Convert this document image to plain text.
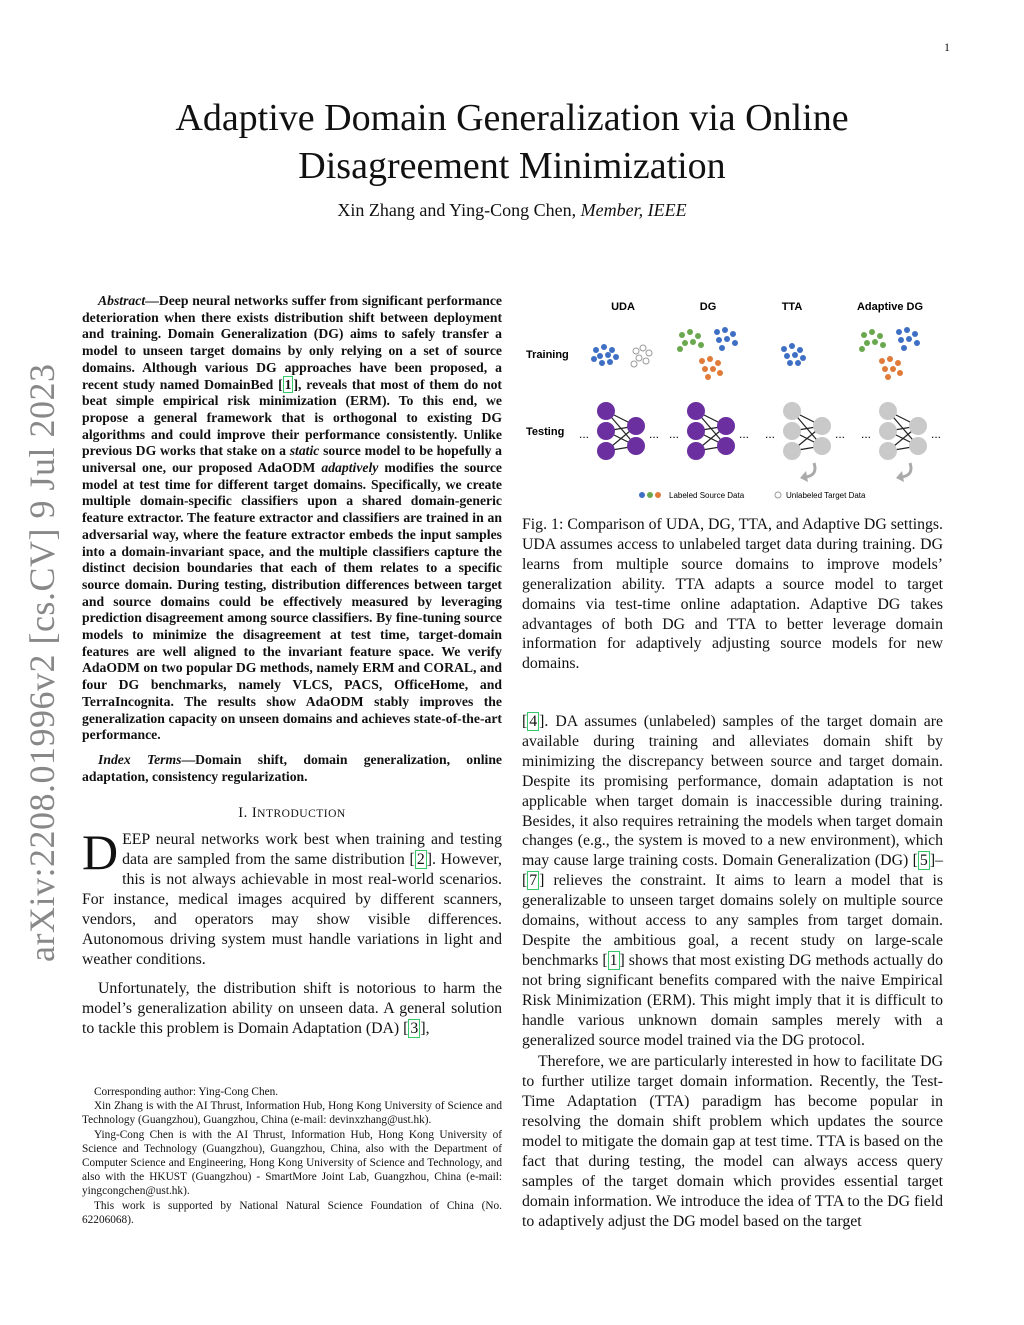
1
arXiv:2208.01996v2 [cs.CV] 9 Jul 2023
Adaptive Domain Generalization via Online
Disagreement Minimization
Xin Zhang and Ying-Cong Chen, Member, IEEE

Abstract—Deep neural networks suffer from significant performance deterioration when there exists distribution shift between deployment and training. Domain Generalization (DG) aims to safely transfer a model to unseen target domains by only relying on a set of source domains. Although various DG approaches have been proposed, a recent study named DomainBed [ 1 ], reveals that most of them do not beat simple empirical risk minimization (ERM). To this end, we propose a general framework that is orthogonal to existing DG algorithms and could improve their performance consistently. Unlike previous DG works that stake on a static source model to be hopefully a universal one, our proposed AdaODM adaptively modifies the source model at test time for different target domains. Specifically, we create multiple domain-specific classifiers upon a shared domain-generic feature extractor. The feature extractor and classifiers are trained in an adversarial way, where the feature extractor embeds the input samples into a domain-invariant space, and the multiple classifiers capture the distinct decision boundaries that each of them relates to a specific source domain. During testing, distribution differences between target and source domains could be effectively measured by leveraging prediction disagreement among source classifiers. By fine-tuning source models to minimize the disagreement at test time, target-domain features are well aligned to the invariant feature space. We verify AdaODM on two popular DG methods, namely ERM and CORAL, and four DG benchmarks, namely VLCS, PACS, OfficeHome, and TerraIncognita. The results show AdaODM stably improves the generalization capacity on unseen domains and achieves state-of-the-art performance.

Index Terms—Domain shift, domain generalization, online adaptation, consistency regularization.

I. INTRODUCTION

DEEP neural networks work best when training and testing data are sampled from the same distribution [ 2 ]. However, this is not always achievable in most real-world scenarios. For instance, medical images acquired by different scanners, vendors, and operators may show visible differences. Autonomous driving system must handle variations in light and weather conditions.

Unfortunately, the distribution shift is notorious to harm the model’s generalization ability on unseen data. A general solution to tackle this problem is Domain Adaptation (DA) [ 3 ],

Corresponding author: Ying-Cong Chen.

Xin Zhang is with the AI Thrust, Information Hub, Hong Kong University of Science and Technology (Guangzhou), Guangzhou, China (e-mail: devinxzhang@ust.hk).

Ying-Cong Chen is with the AI Thrust, Information Hub, Hong Kong University of Science and Technology (Guangzhou), Guangzhou, China, also with the Department of Computer Science and Engineering, Hong Kong University of Science and Technology, and also with the HKUST (Guangzhou) - SmartMore Joint Lab, Guangzhou, China (e-mail: yingcongchen@ust.hk).

This work is supported by National Natural Science Foundation of China (No. 62206068).

UDA	DG	TTA	Adaptive DG
Training
Testing ...	... ...	... ...	... ...	...
Labeled Source Data	Unlabeled Target Data

Fig. 1: Comparison of UDA, DG, TTA, and Adaptive DG settings. UDA assumes access to unlabeled target data during training. DG learns from multiple source domains to improve models’ generalization ability. TTA adapts a source model to target domains via test-time online adaptation. Adaptive DG takes advantages of both DG and TTA to better leverage domain information for adaptively adjusting source models for new domains.

[ 4 ]. DA assumes (unlabeled) samples of the target domain are available during training and alleviates domain shift by minimizing the discrepancy between source and target domain. Despite its promising performance, domain adaptation is not applicable when target domain is inaccessible during training. Besides, it also requires retraining the models when target domain changes (e.g., the system is moved to a new environment), which may cause large training costs. Domain Generalization (DG) [ 5 ]–[ 7 ] relieves the constraint. It aims to learn a model that is generalizable to unseen target domains solely on multiple source domains, without access to any samples from target domain. Despite the ambitious goal, a recent study on large-scale benchmarks [ 1 ] shows that most existing DG methods actually do not bring significant benefits compared with the naive Empirical Risk Minimization (ERM). This might imply that it is difficult to handle various unknown domain samples merely with a generalized source model trained via the DG protocol.

Therefore, we are particularly interested in how to facilitate DG to further utilize target domain information. Recently, the Test-Time Adaptation (TTA) paradigm has become popular in resolving the domain shift problem which updates the source model to mitigate the domain gap at test time. TTA is based on the fact that during testing, the model can always access query samples of the target domain which provides essential target domain information. We introduce the idea of TTA to the DG field to adaptively adjust the DG model based on the target
